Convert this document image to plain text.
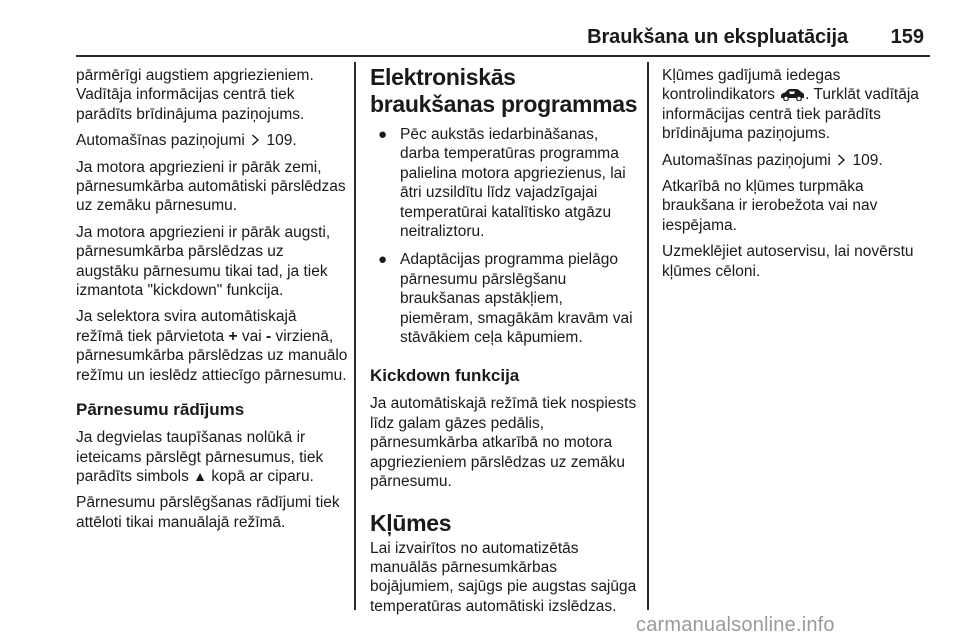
Braukšana un ekspluatācija 159

pārmērīgi augstiem apgriezieniem. Vadītāja informācijas centrā tiek parādīts brīdinājuma paziņojums.

Automašīnas paziņojumi 109.

Ja motora apgriezieni ir pārāk zemi, pārnesumkārba automātiski pārslēdzas uz zemāku pārnesumu.

Ja motora apgriezieni ir pārāk augsti, pārnesumkārba pārslēdzas uz augstāku pārnesumu tikai tad, ja tiek izmantota "kickdown" funkcija.

Ja selektora svira automātiskajā režīmā tiek pārvietota + vai - virzienā, pārnesumkārba pārslēdzas uz manuālo režīmu un ieslēdz attiecīgo pārnesumu.

Pārnesumu rādījums

Ja degvielas taupīšanas nolūkā ir ieteicams pārslēgt pārnesumus, tiek parādīts simbols ▲ kopā ar ciparu.

Pārnesumu pārslēgšanas rādījumi tiek attēloti tikai manuālajā režīmā.

Elektroniskās braukšanas programmas
● Pēc aukstās iedarbināšanas, darba temperatūras programma palielina motora apgriezienus, lai ātri uzsildītu līdz vajadzīgajai temperatūrai katalītisko atgāzu neitraliztoru.
● Adaptācijas programma pielāgo pārnesumu pārslēgšanu braukšanas apstākļiem, piemēram, smagākām kravām vai stāvākiem ceļa kāpumiem.
Kickdown funkcija

Ja automātiskajā režīmā tiek nospiests līdz galam gāzes pedālis, pārnesumkārba atkarībā no motora apgriezieniem pārslēdzas uz zemāku pārnesumu.

Kļūmes

Lai izvairītos no automatizētās manuālās pārnesumkārbas bojājumiem, sajūgs pie augstas sajūga temperatūras automātiski izslēdzas.

Kļūmes gadījumā iedegas kontrolindikators . Turklāt vadītāja informācijas centrā tiek parādīts brīdinājuma paziņojums.

Automašīnas paziņojumi 109.

Atkarībā no kļūmes turpmāka braukšana ir ierobežota vai nav iespējama.

Uzmeklējiet autoservisu, lai novērstu kļūmes cēloni.

carmanualsonline.info
